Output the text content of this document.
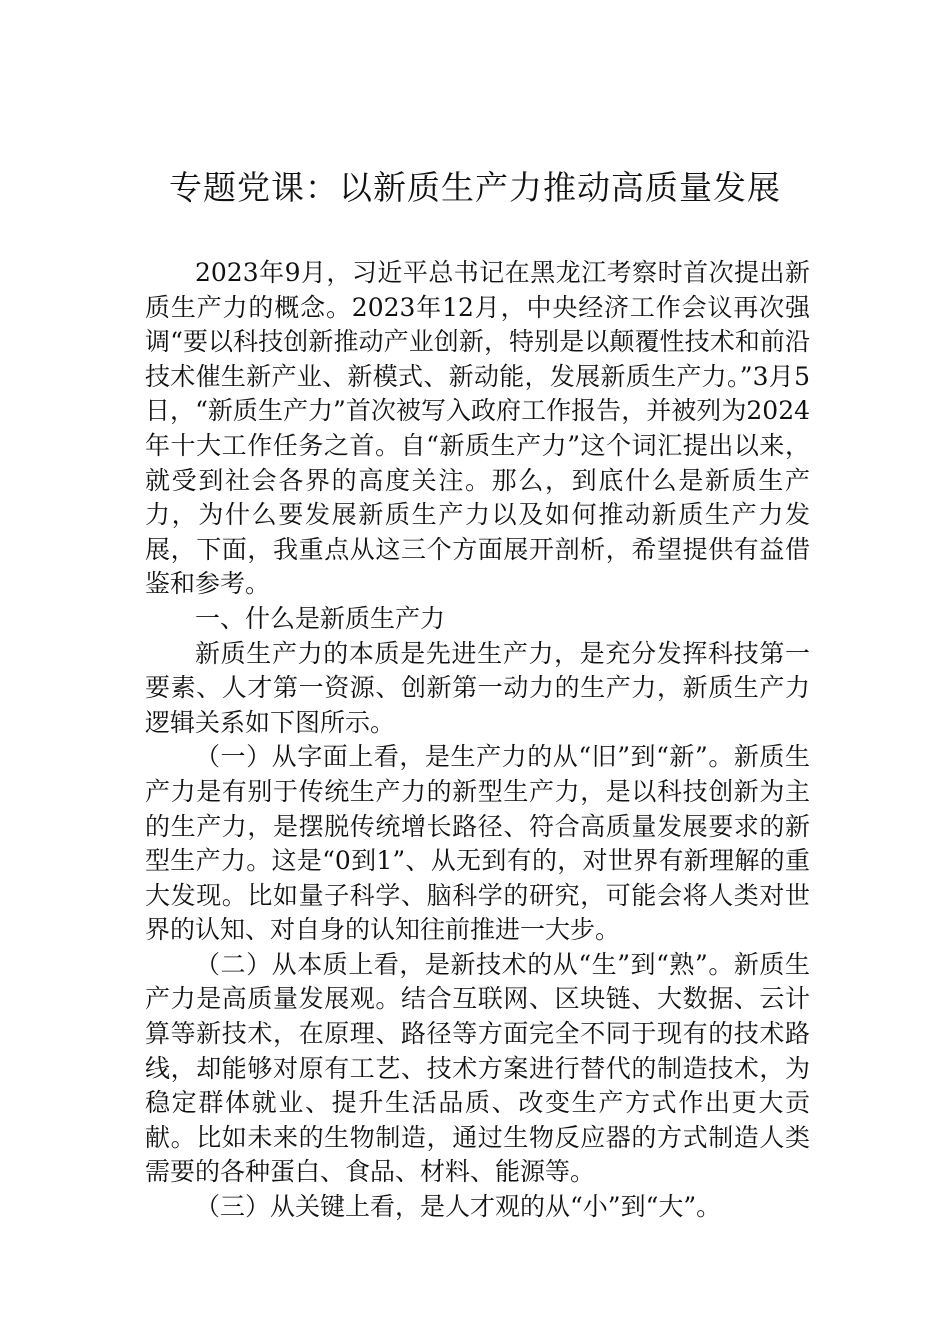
专题党课：以新质生产力推动高质量发展

2023年9月，习近平总书记在黑龙江考察时首次提出新质生产力的概念。2023年12月，中央经济工作会议再次强调“要以科技创新推动产业创新，特别是以颠覆性技术和前沿技术催生新产业、新模式、新动能，发展新质生产力。”3月5日，“新质生产力”首次被写入政府工作报告，并被列为2024年十大工作任务之首。自“新质生产力”这个词汇提出以来，就受到社会各界的高度关注。那么，到底什么是新质生产力，为什么要发展新质生产力以及如何推动新质生产力发展，下面，我重点从这三个方面展开剖析，希望提供有益借鉴和参考。

一、什么是新质生产力

新质生产力的本质是先进生产力，是充分发挥科技第一要素、人才第一资源、创新第一动力的生产力，新质生产力逻辑关系如下图所示。

（一）从字面上看，是生产力的从“旧”到“新”。新质生产力是有别于传统生产力的新型生产力，是以科技创新为主的生产力，是摆脱传统增长路径、符合高质量发展要求的新型生产力。这是“0到1”、从无到有的，对世界有新理解的重大发现。比如量子科学、脑科学的研究，可能会将人类对世界的认知、对自身的认知往前推进一大步。

（二）从本质上看，是新技术的从“生”到“熟”。新质生产力是高质量发展观。结合互联网、区块链、大数据、云计算等新技术，在原理、路径等方面完全不同于现有的技术路线，却能够对原有工艺、技术方案进行替代的制造技术，为稳定群体就业、提升生活品质、改变生产方式作出更大贡献。比如未来的生物制造，通过生物反应器的方式制造人类需要的各种蛋白、食品、材料、能源等。

（三）从关键上看，是人才观的从“小”到“大”。
